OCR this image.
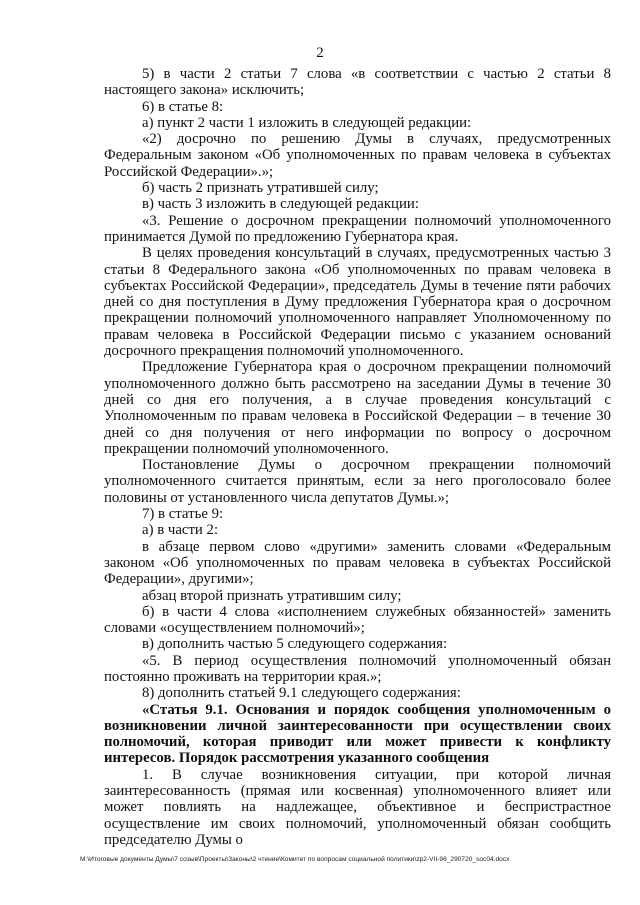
2

5) в части 2 статьи 7 слова «в соответствии с частью 2 статьи 8 настоящего закона» исключить;

6) в статье 8:

а) пункт 2 части 1 изложить в следующей редакции:

«2) досрочно по решению Думы в случаях, предусмотренных Федеральным законом «Об уполномоченных по правам человека в субъектах Российской Федерации».»;

б) часть 2 признать утратившей силу;

в) часть 3 изложить в следующей редакции:

«3. Решение о досрочном прекращении полномочий уполномоченного принимается Думой по предложению Губернатора края.

В целях проведения консультаций в случаях, предусмотренных частью 3 статьи 8 Федерального закона «Об уполномоченных по правам человека в субъектах Российской Федерации», председатель Думы в течение пяти рабочих дней со дня поступления в Думу предложения Губернатора края о досрочном прекращении полномочий уполномоченного направляет Уполномоченному по правам человека в Российской Федерации письмо с указанием оснований досрочного прекращения полномочий уполномоченного.

Предложение Губернатора края о досрочном прекращении полномочий уполномоченного должно быть рассмотрено на заседании Думы в течение 30 дней со дня его получения, а в случае проведения консультаций с Уполномоченным по правам человека в Российской Федерации – в течение 30 дней со дня получения от него информации по вопросу о досрочном прекращении полномочий уполномоченного.

Постановление Думы о досрочном прекращении полномочий уполномоченного считается принятым, если за него проголосовало более половины от установленного числа депутатов Думы.»;

7) в статье 9:

а) в части 2:

в абзаце первом слово «другими» заменить словами «Федеральным законом «Об уполномоченных по правам человека в субъектах Российской Федерации», другими»;

абзац второй признать утратившим силу;

б) в части 4 слова «исполнением служебных обязанностей» заменить словами «осуществлением полномочий»;

в) дополнить частью 5 следующего содержания:

«5. В период осуществления полномочий уполномоченный обязан постоянно проживать на территории края.»;

8) дополнить статьей 9.1 следующего содержания:

«Статья 9.1. Основания и порядок сообщения уполномоченным о возникновении личной заинтересованности при осуществлении своих полномочий, которая приводит или может привести к конфликту интересов. Порядок рассмотрения указанного сообщения

1. В случае возникновения ситуации, при которой личная заинтересованность (прямая или косвенная) уполномоченного влияет или может повлиять на надлежащее, объективное и беспристрастное осуществление им своих полномочий, уполномоченный обязан сообщить председателю Думы о

M:\Итоговые документы Думы\7 созыв\Проекты\Законы\2 чтение\Комитет по вопросам социальной политики\zp2-VII-96_290720_soc04.docx
